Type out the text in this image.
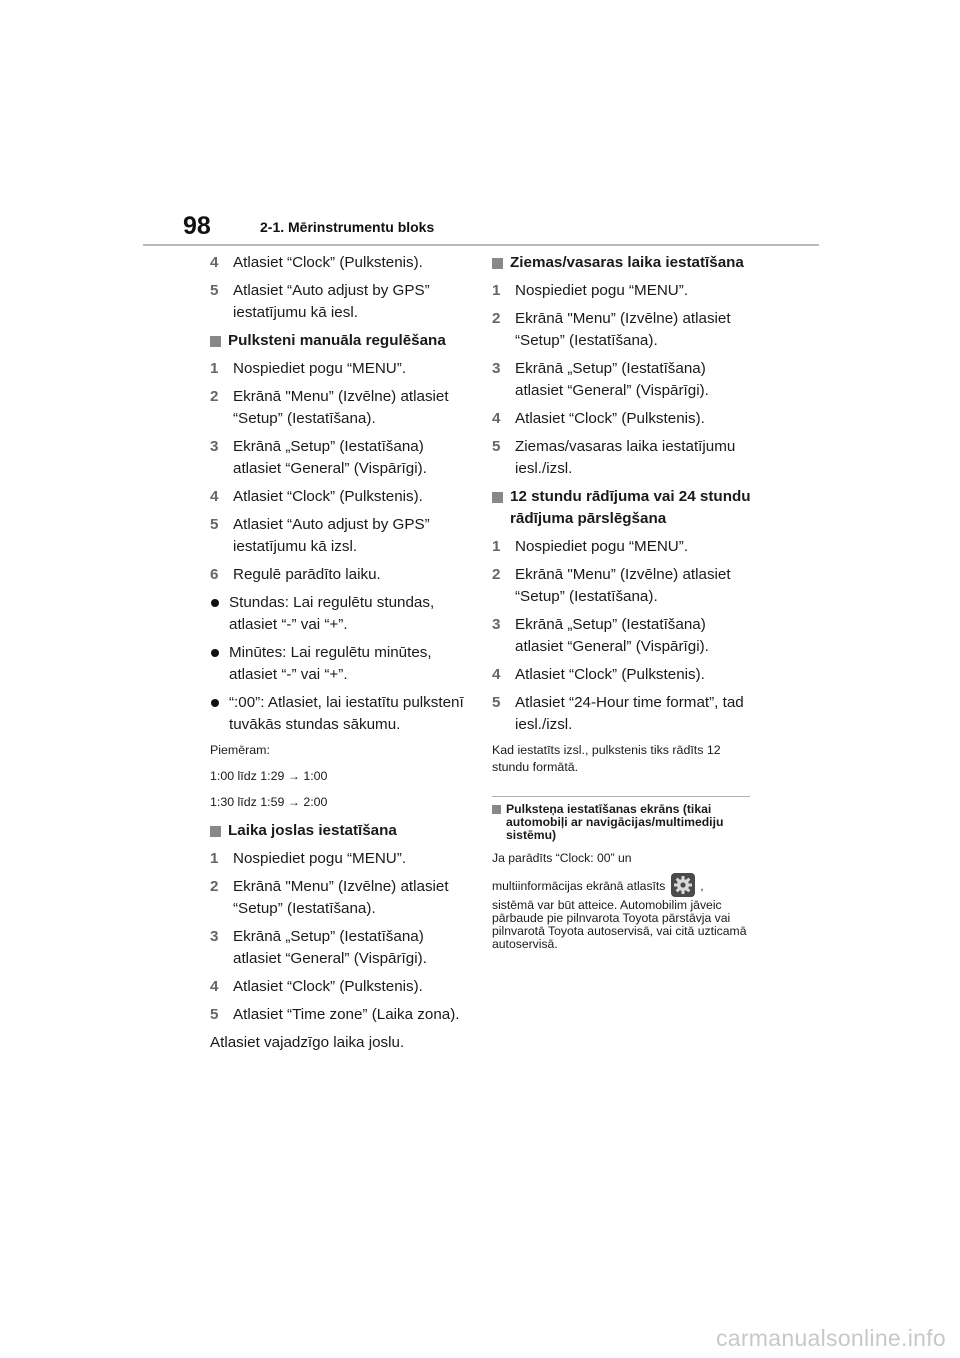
98	2-1. Mērinstrumentu bloks
4 Atlasiet “Clock” (Pulkstenis).
5 Atlasiet “Auto adjust by GPS” iestatījumu kā iesl.
Pulksteni manuāla regulēšana
1 Nospiediet pogu “MENU”.
2 Ekrānā "Menu” (Izvēlne) atlasiet “Setup” (Iestatīšana).
3 Ekrānā „Setup” (Iestatīšana) atlasiet “General” (Vispārīgi).
4 Atlasiet “Clock” (Pulkstenis).
5 Atlasiet “Auto adjust by GPS” iestatījumu kā izsl.
6 Regulē parādīto laiku.
Stundas: Lai regulētu stundas, atlasiet “-” vai “+”.
Minūtes: Lai regulētu minūtes, atlasiet “-” vai “+”.
“:00”: Atlasiet, lai iestatītu pulkstenī tuvākās stundas sākumu.
Piemēram:
1:00 līdz 1:29 → 1:00
1:30 līdz 1:59 → 2:00
Laika joslas iestatīšana
1 Nospiediet pogu “MENU”.
2 Ekrānā "Menu” (Izvēlne) atlasiet “Setup” (Iestatīšana).
3 Ekrānā „Setup” (Iestatīšana) atlasiet “General” (Vispārīgi).
4 Atlasiet “Clock” (Pulkstenis).
5 Atlasiet “Time zone” (Laika zona).
Atlasiet vajadzīgo laika joslu.
Ziemas/vasaras laika iestatīšana
1 Nospiediet pogu “MENU”.
2 Ekrānā "Menu” (Izvēlne) atlasiet “Setup” (Iestatīšana).
3 Ekrānā „Setup” (Iestatīšana) atlasiet “General” (Vispārīgi).
4 Atlasiet “Clock” (Pulkstenis).
5 Ziemas/vasaras laika iestatījumu iesl./izsl.
12 stundu rādījuma vai 24 stundu rādījuma pārslēgšana
1 Nospiediet pogu “MENU”.
2 Ekrānā "Menu” (Izvēlne) atlasiet “Setup” (Iestatīšana).
3 Ekrānā „Setup” (Iestatīšana) atlasiet “General” (Vispārīgi).
4 Atlasiet “Clock” (Pulkstenis).
5 Atlasiet “24-Hour time format”, tad iesl./izsl.
Kad iestatīts izsl., pulkstenis tiks rādīts 12 stundu formātā.
Pulksteņa iestatīšanas ekrāns (tikai automobiļi ar navigācijas/multimediju sistēmu)
Ja parādīts “Clock: 00” un
multiinformācijas ekrānā atlasīts	,
sistēmā var būt atteice. Automobilim jāveic pārbaude pie pilnvarota Toyota pārstāvja vai pilnvarotā Toyota autoservisā, vai citā uzticamā autoservisā.
carmanualsonline.info
